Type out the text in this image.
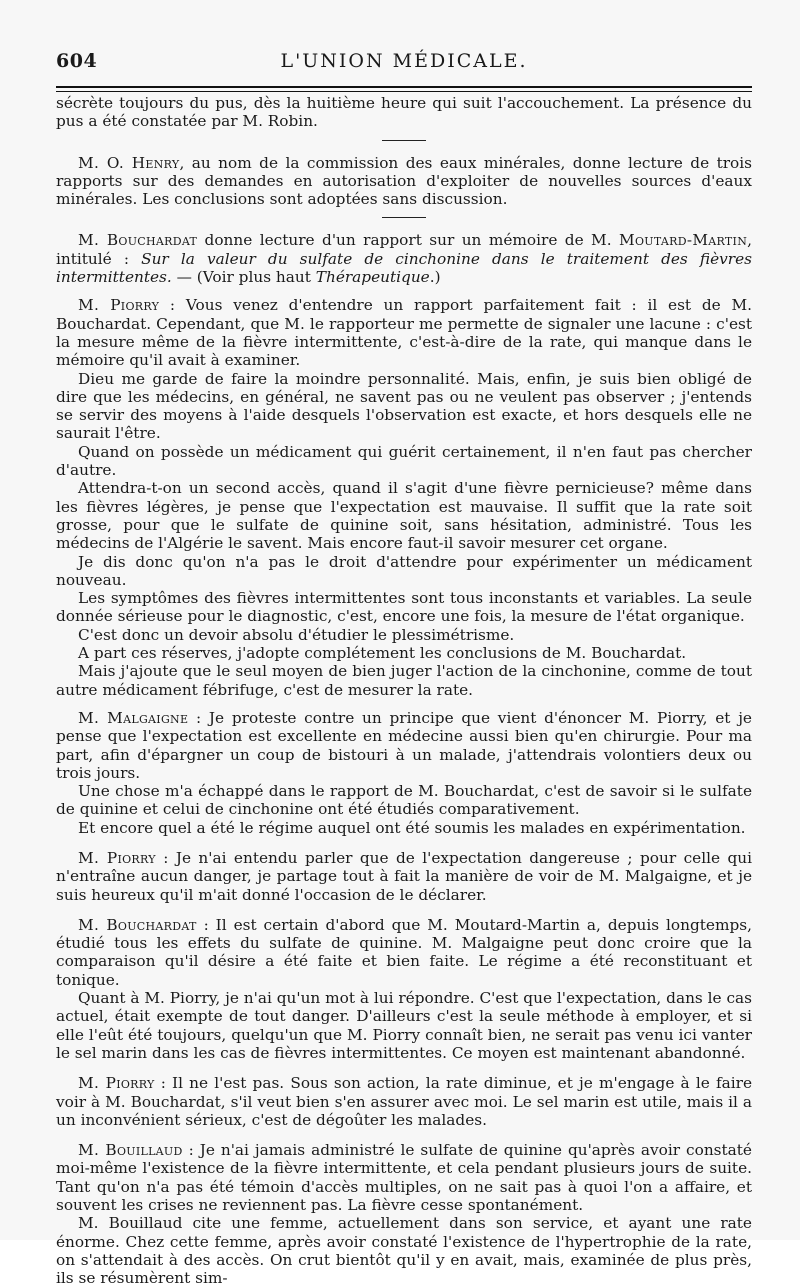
604	L'UNION MÉDICALE.

sécrète toujours du pus, dès la huitième heure qui suit l'accouchement. La présence du pus a été constatée par M. Robin.

M. O. Henry, au nom de la commission des eaux minérales, donne lecture de trois rapports sur des demandes en autorisation d'exploiter de nouvelles sources d'eaux minérales. Les conclusions sont adoptées sans discussion.

M. Bouchardat donne lecture d'un rapport sur un mémoire de M. Moutard-Martin, intitulé : Sur la valeur du sulfate de cinchonine dans le traitement des fièvres intermittentes. — (Voir plus haut Thérapeutique.)

M. Piorry : Vous venez d'entendre un rapport parfaitement fait : il est de M. Bouchardat. Cependant, que M. le rapporteur me permette de signaler une lacune : c'est la mesure même de la fièvre intermittente, c'est-à-dire de la rate, qui manque dans le mémoire qu'il avait à examiner.

Dieu me garde de faire la moindre personnalité. Mais, enfin, je suis bien obligé de dire que les médecins, en général, ne savent pas ou ne veulent pas observer ; j'entends se servir des moyens à l'aide desquels l'observation est exacte, et hors desquels elle ne saurait l'être.

Quand on possède un médicament qui guérit certainement, il n'en faut pas chercher d'autre.

Attendra-t-on un second accès, quand il s'agit d'une fièvre pernicieuse? même dans les fièvres légères, je pense que l'expectation est mauvaise. Il suffit que la rate soit grosse, pour que le sulfate de quinine soit, sans hésitation, administré. Tous les médecins de l'Algérie le savent. Mais encore faut-il savoir mesurer cet organe.

Je dis donc qu'on n'a pas le droit d'attendre pour expérimenter un médicament nouveau.

Les symptômes des fièvres intermittentes sont tous inconstants et variables. La seule donnée sérieuse pour le diagnostic, c'est, encore une fois, la mesure de l'état organique.

C'est donc un devoir absolu d'étudier le plessimétrisme.

A part ces réserves, j'adopte complétement les conclusions de M. Bouchardat.

Mais j'ajoute que le seul moyen de bien juger l'action de la cinchonine, comme de tout autre médicament fébrifuge, c'est de mesurer la rate.

M. Malgaigne : Je proteste contre un principe que vient d'énoncer M. Piorry, et je pense que l'expectation est excellente en médecine aussi bien qu'en chirurgie. Pour ma part, afin d'épargner un coup de bistouri à un malade, j'attendrais volontiers deux ou trois jours.

Une chose m'a échappé dans le rapport de M. Bouchardat, c'est de savoir si le sulfate de quinine et celui de cinchonine ont été étudiés comparativement.

Et encore quel a été le régime auquel ont été soumis les malades en expérimentation.

M. Piorry : Je n'ai entendu parler que de l'expectation dangereuse ; pour celle qui n'entraîne aucun danger, je partage tout à fait la manière de voir de M. Malgaigne, et je suis heureux qu'il m'ait donné l'occasion de le déclarer.

M. Bouchardat : Il est certain d'abord que M. Moutard-Martin a, depuis longtemps, étudié tous les effets du sulfate de quinine. M. Malgaigne peut donc croire que la comparaison qu'il désire a été faite et bien faite. Le régime a été reconstituant et tonique.

Quant à M. Piorry, je n'ai qu'un mot à lui répondre. C'est que l'expectation, dans le cas actuel, était exempte de tout danger. D'ailleurs c'est la seule méthode à employer, et si elle l'eût été toujours, quelqu'un que M. Piorry connaît bien, ne serait pas venu ici vanter le sel marin dans les cas de fièvres intermittentes. Ce moyen est maintenant abandonné.

M. Piorry : Il ne l'est pas. Sous son action, la rate diminue, et je m'engage à le faire voir à M. Bouchardat, s'il veut bien s'en assurer avec moi. Le sel marin est utile, mais il a un inconvénient sérieux, c'est de dégoûter les malades.

M. Bouillaud : Je n'ai jamais administré le sulfate de quinine qu'après avoir constaté moi-même l'existence de la fièvre intermittente, et cela pendant plusieurs jours de suite. Tant qu'on n'a pas été témoin d'accès multiples, on ne sait pas à quoi l'on a affaire, et souvent les crises ne reviennent pas. La fièvre cesse spontanément.

M. Bouillaud cite une femme, actuellement dans son service, et ayant une rate énorme. Chez cette femme, après avoir constaté l'existence de l'hypertrophie de la rate, on s'attendait à des accès. On crut bientôt qu'il y en avait, mais, examinée de plus près, ils se résumèrent sim-
